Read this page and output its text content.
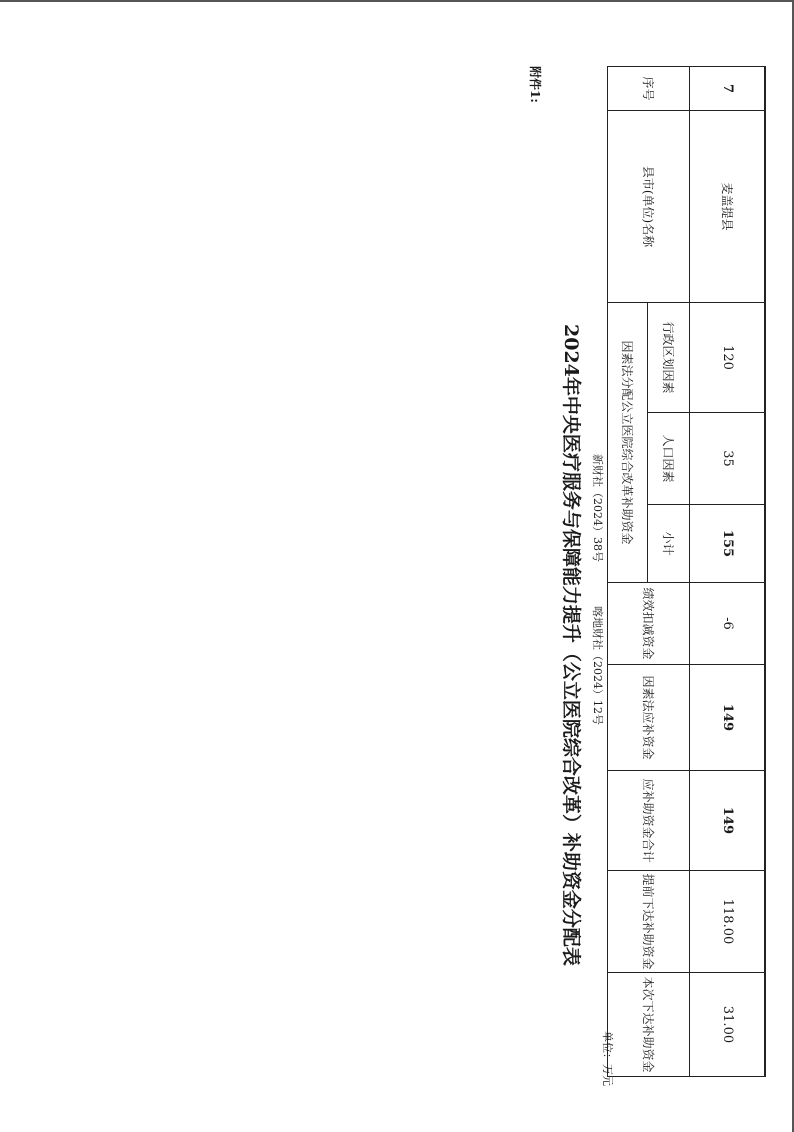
7	麦盖提县	120	35	155	-6	149	149	118.00	31.00
序号	县市(单位)名称	行政区划因素	人口因素	小计	绩效扣减资金	因素法应补资金	应补助资金合计	提前下达补助资金	本次下达补助资金
		因素法分配公立医院综合改革补助资金							
新财社（2024）38号
喀地财社（2024）12号
单位：万元
2024年中央医疗服务与保障能力提升（公立医院综合改革）补助资金分配表
附件1:
